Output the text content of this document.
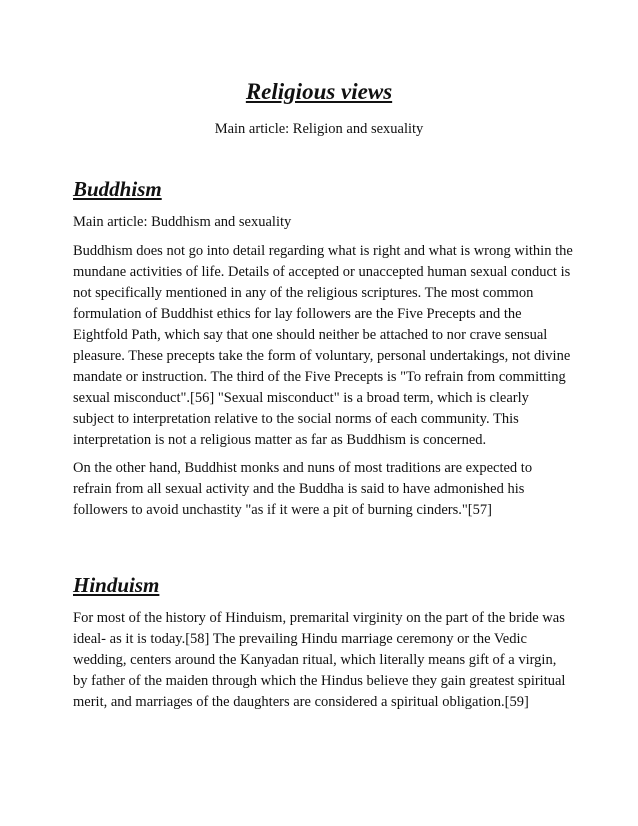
Religious views

Main article: Religion and sexuality

Buddhism

Main article: Buddhism and sexuality

Buddhism does not go into detail regarding what is right and what is wrong within the mundane activities of life. Details of accepted or unaccepted human sexual conduct is not specifically mentioned in any of the religious scriptures. The most common formulation of Buddhist ethics for lay followers are the Five Precepts and the Eightfold Path, which say that one should neither be attached to nor crave sensual pleasure. These precepts take the form of voluntary, personal undertakings, not divine mandate or instruction. The third of the Five Precepts is "To refrain from committing sexual misconduct".[56] "Sexual misconduct" is a broad term, which is clearly subject to interpretation relative to the social norms of each community. This interpretation is not a religious matter as far as Buddhism is concerned.

On the other hand, Buddhist monks and nuns of most traditions are expected to refrain from all sexual activity and the Buddha is said to have admonished his followers to avoid unchastity "as if it were a pit of burning cinders."[57]

Hinduism

For most of the history of Hinduism, premarital virginity on the part of the bride was ideal- as it is today.[58] The prevailing Hindu marriage ceremony or the Vedic wedding, centers around the Kanyadan ritual, which literally means gift of a virgin, by father of the maiden through which the Hindus believe they gain greatest spiritual merit, and marriages of the daughters are considered a spiritual obligation.[59]
